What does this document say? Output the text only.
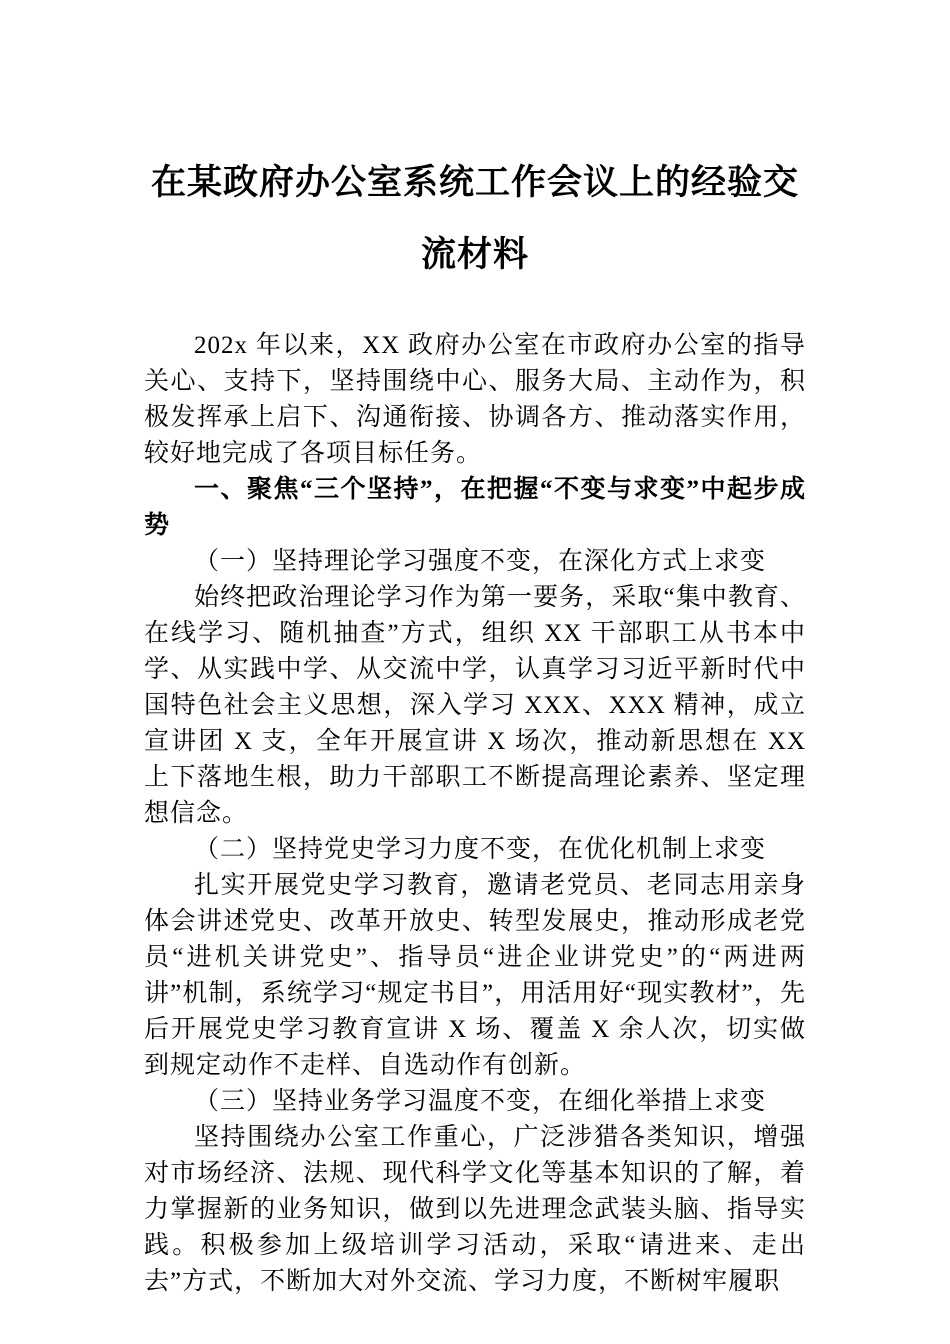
在某政府办公室系统工作会议上的经验交流材料

202x 年以来，XX 政府办公室在市政府办公室的指导关心、支持下，坚持围绕中心、服务大局、主动作为，积极发挥承上启下、沟通衔接、协调各方、推动落实作用，较好地完成了各项目标任务。

一、聚焦“三个坚持”，在把握“不变与求变”中起步成势

（一）坚持理论学习强度不变，在深化方式上求变

始终把政治理论学习作为第一要务，采取“集中教育、在线学习、随机抽查”方式，组织 XX 干部职工从书本中学、从实践中学、从交流中学，认真学习习近平新时代中国特色社会主义思想，深入学习 XXX、XXX 精神，成立宣讲团 X 支，全年开展宣讲 X 场次，推动新思想在 XX 上下落地生根，助力干部职工不断提高理论素养、坚定理想信念。

（二）坚持党史学习力度不变，在优化机制上求变

扎实开展党史学习教育，邀请老党员、老同志用亲身体会讲述党史、改革开放史、转型发展史，推动形成老党员“进机关讲党史”、指导员“进企业讲党史”的“两进两讲”机制，系统学习“规定书目”，用活用好“现实教材”，先后开展党史学习教育宣讲 X 场、覆盖 X 余人次，切实做到规定动作不走样、自选动作有创新。

（三）坚持业务学习温度不变，在细化举措上求变

坚持围绕办公室工作重心，广泛涉猎各类知识，增强对市场经济、法规、现代科学文化等基本知识的了解，着力掌握新的业务知识，做到以先进理念武装头脑、指导实践。积极参加上级培训学习活动，采取“请进来、走出去”方式，不断加大对外交流、学习力度，不断树牢履职
